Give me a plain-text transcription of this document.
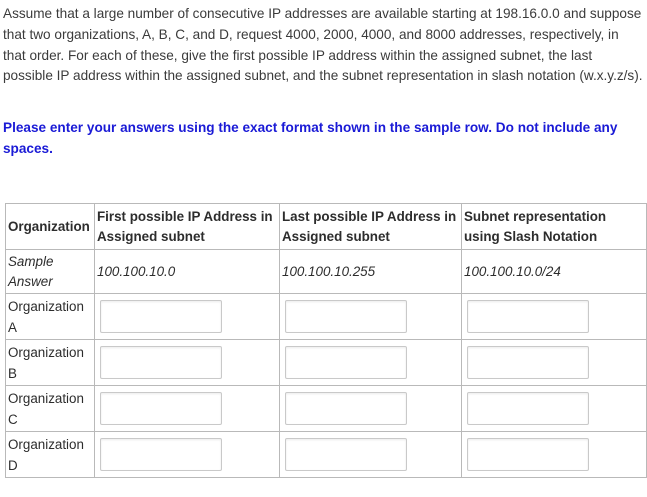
Assume that a large number of consecutive IP addresses are available starting at 198.16.0.0 and suppose that two organizations, A, B, C, and D, request 4000, 2000, 4000, and 8000 addresses, respectively, in that order. For each of these, give the first possible IP address within the assigned subnet, the last possible IP address within the assigned subnet, and the subnet representation in slash notation (w.x.y.z/s).
Please enter your answers using the exact format shown in the sample row. Do not include any spaces.
Organization	First possible IP Address in Assigned subnet	Last possible IP Address in Assigned subnet	Subnet representation using Slash Notation
Sample Answer	100.100.10.0	100.100.10.255	100.100.10.0/24
Organization A	

Organization B	

Organization C	

Organization D	
